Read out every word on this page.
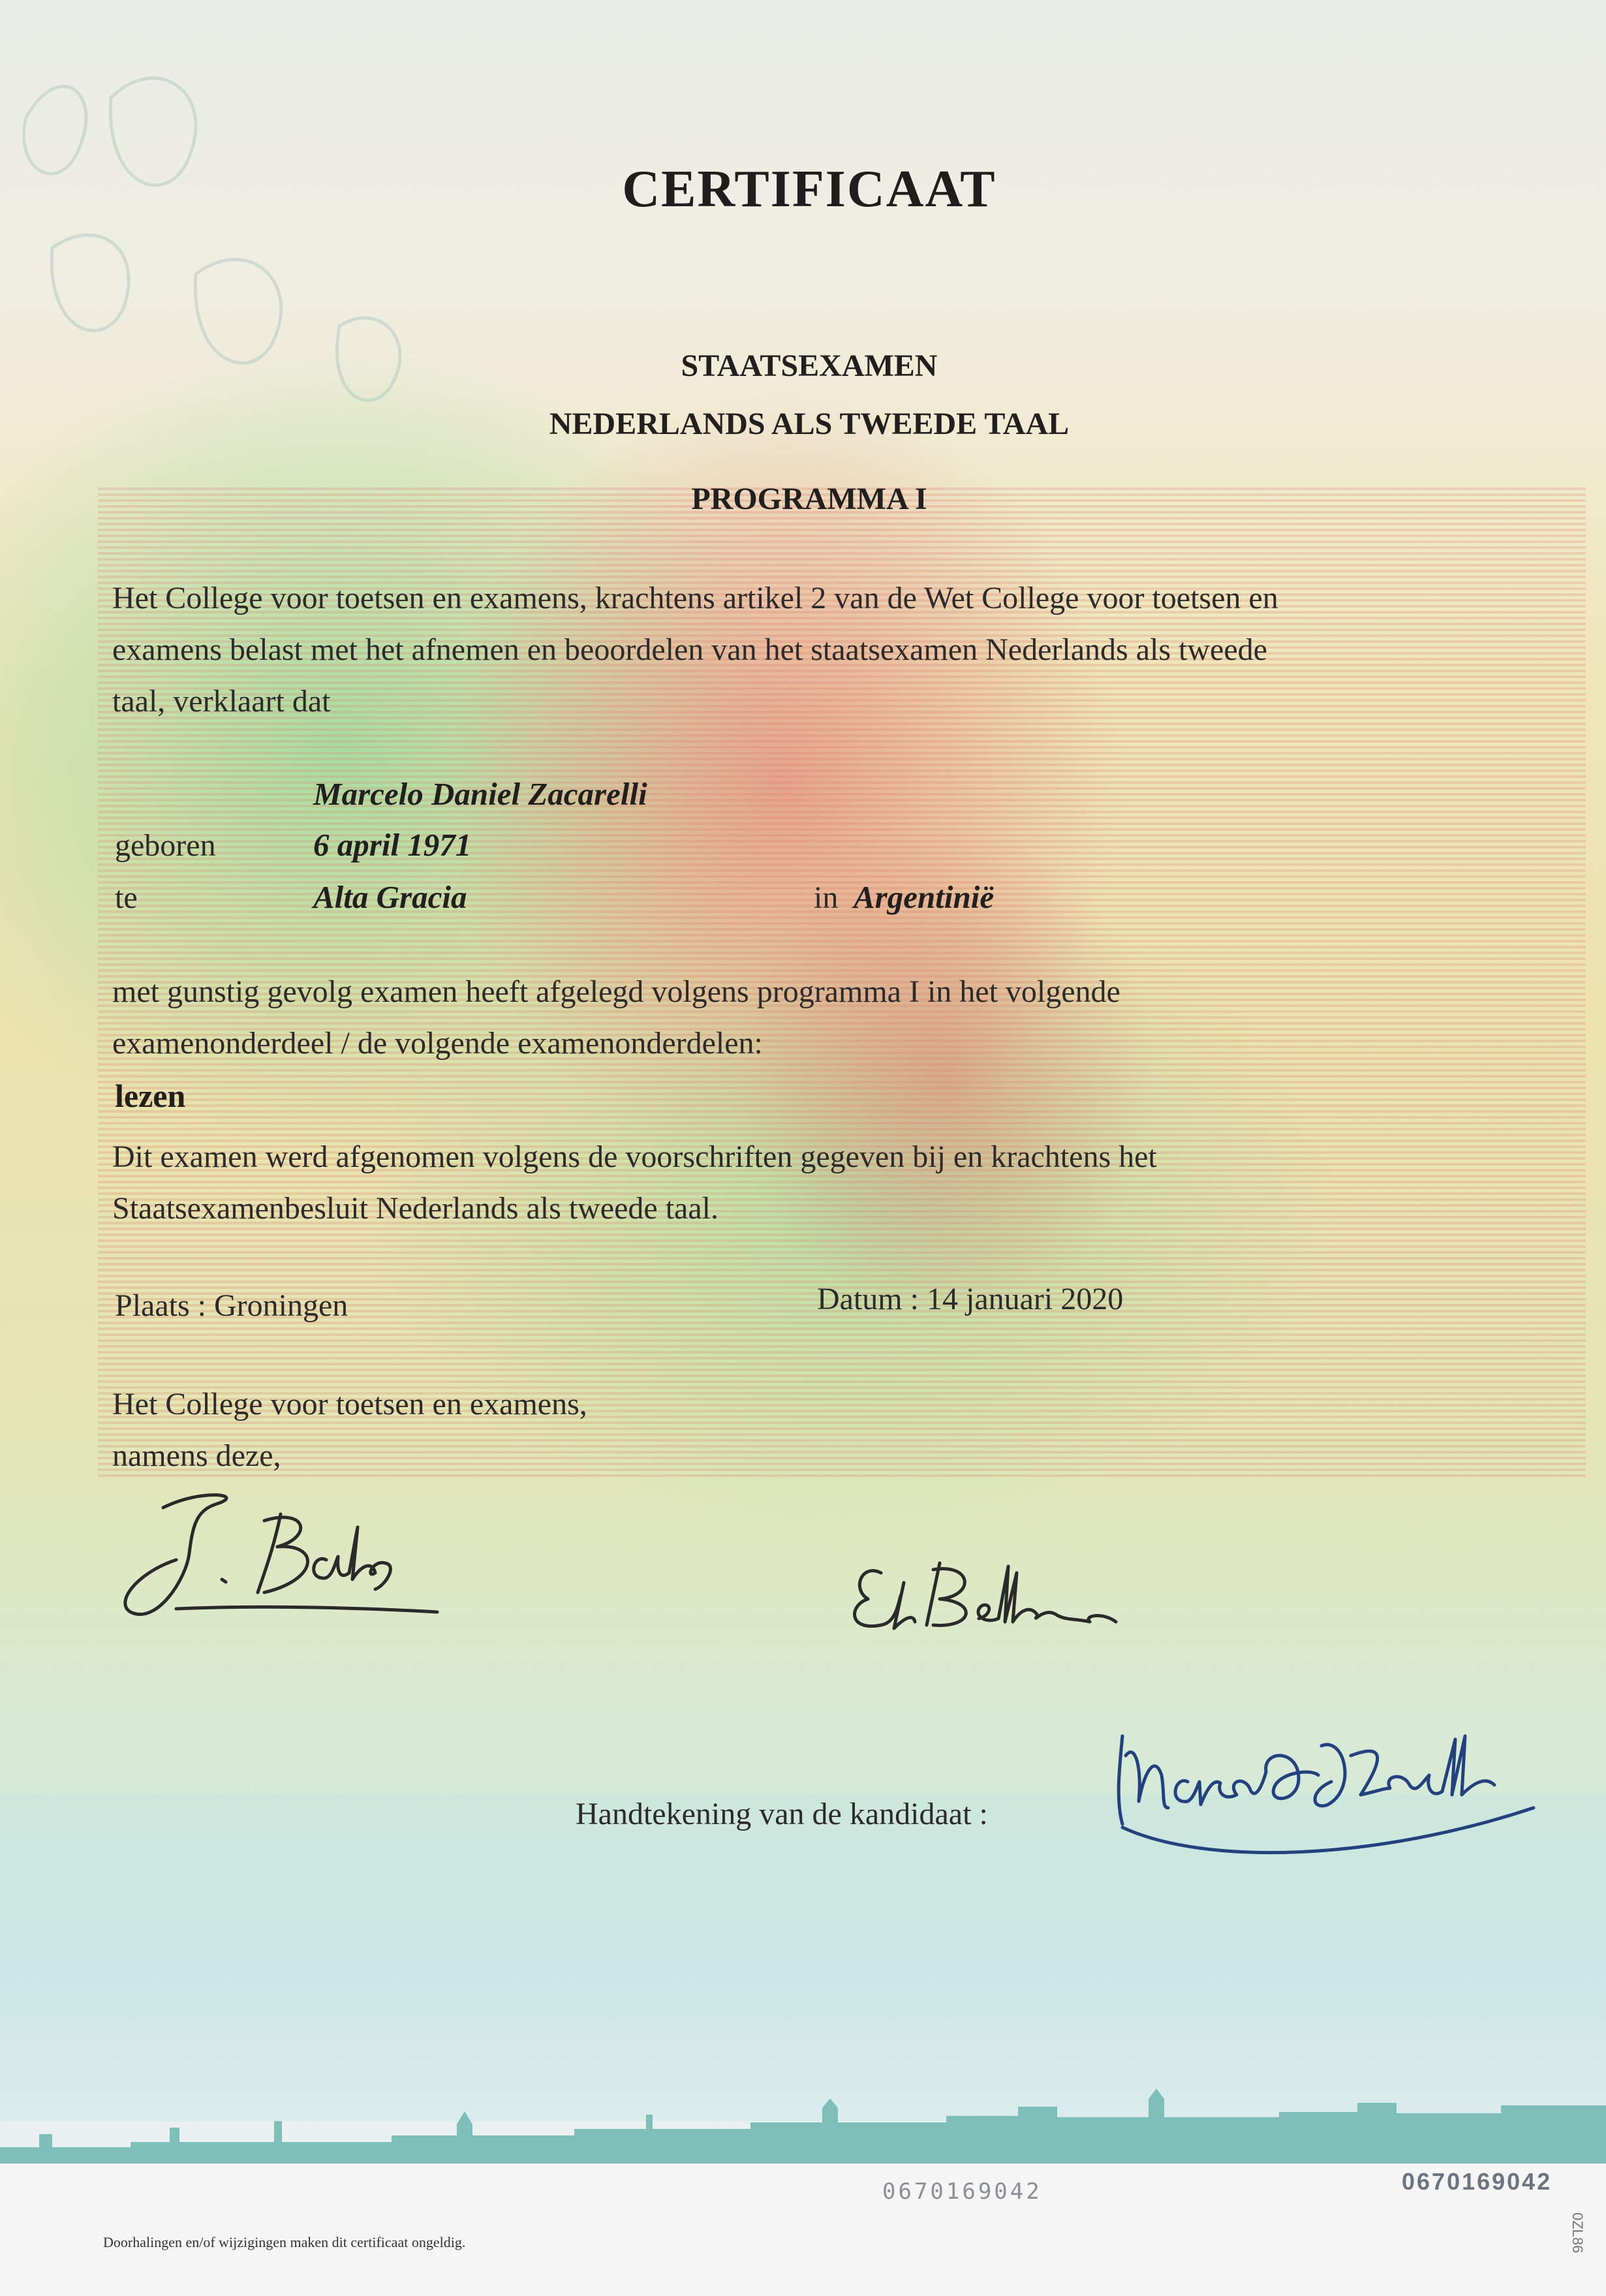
CERTIFICAAT
STAATSEXAMEN
NEDERLANDS ALS TWEEDE TAAL
PROGRAMMA I
Het College voor toetsen en examens, krachtens artikel 2 van de Wet College voor toetsen en
examens belast met het afnemen en beoordelen van het staatsexamen Nederlands als tweede
taal, verklaart dat
Marcelo Daniel Zacarelli
geboren	6 april 1971
te	Alta Gracia	in Argentinië
met gunstig gevolg examen heeft afgelegd volgens programma I in het volgende
examenonderdeel / de volgende examenonderdelen:
lezen
Dit examen werd afgenomen volgens de voorschriften gegeven bij en krachtens het
Staatsexamenbesluit Nederlands als tweede taal.
Plaats : Groningen	Datum : 14 januari 2020
Het College voor toetsen en examens,
namens deze,
Handtekening van de kandidaat :
0670169042	0670169042
0ZL86
Doorhalingen en/of wijzigingen maken dit certificaat ongeldig.
